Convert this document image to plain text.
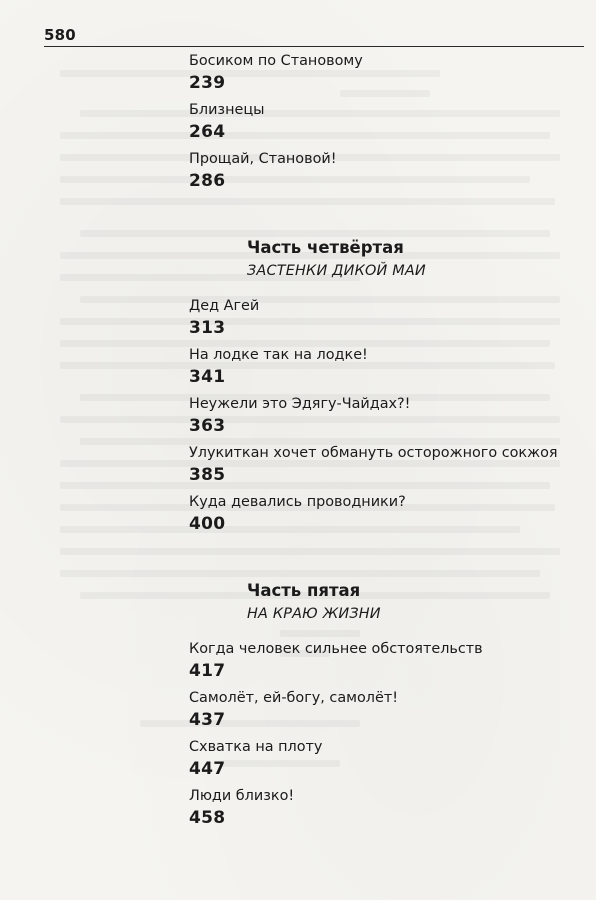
580
Босиком по Становому
239
Близнецы
264
Прощай, Становой!
286
Часть четвёртая
ЗАСТЕНКИ ДИКОЙ МАИ
Дед Агей
313
На лодке так на лодке!
341
Неужели это Эдягу-Чайдах?!
363
Улукиткан хочет обмануть осторожного сокжоя
385
Куда девались проводники?
400
Часть пятая
НА КРАЮ ЖИЗНИ
Когда человек сильнее обстоятельств
417
Самолёт, ей-богу, самолёт!
437
Схватка на плоту
447
Люди близко!
458
